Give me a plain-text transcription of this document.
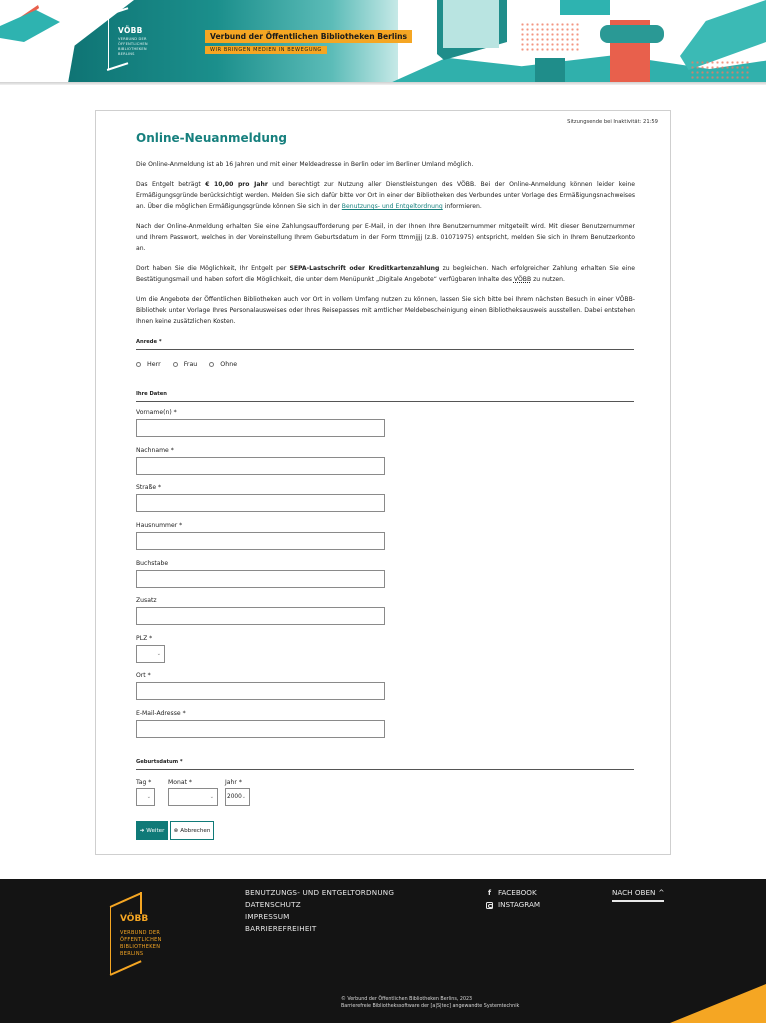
VÖBB
VERBUND DER
ÖFFENTLICHEN
BIBLIOTHEKEN
BERLINS
Verbund der Öffentlichen Bibliotheken Berlins
WIR BRINGEN MEDIEN IN BEWEGUNG
Sitzungsende bei Inaktivität: 21:59
Online-Neuanmeldung

Die Online-Anmeldung ist ab 16 Jahren und mit einer Meldeadresse in Berlin oder im Berliner Umland möglich.

Das Entgelt beträgt € 10,00 pro Jahr und berechtigt zur Nutzung aller Dienstleistungen des VÖBB. Bei der Online-Anmeldung können leider keine Ermäßigungsgründe berücksichtigt werden. Melden Sie sich dafür bitte vor Ort in einer der Bibliotheken des Verbundes unter Vorlage des Ermäßigungsnachweises an. Über die möglichen Ermäßigungsgründe können Sie sich in der Benutzungs- und Entgeltordnung informieren.

Nach der Online-Anmeldung erhalten Sie eine Zahlungsaufforderung per E-Mail, in der Ihnen Ihre Benutzernummer mitgeteilt wird. Mit dieser Benutzernummer und Ihrem Passwort, welches in der Voreinstellung Ihrem Geburtsdatum in der Form ttmmjjjj (z.B. 01071975) entspricht, melden Sie sich in Ihrem Benutzerkonto an.

Dort haben Sie die Möglichkeit, Ihr Entgelt per SEPA-Lastschrift oder Kreditkartenzahlung zu begleichen. Nach erfolgreicher Zahlung erhalten Sie eine Bestätigungsmail und haben sofort die Möglichkeit, die unter dem Menüpunkt „Digitale Angebote“ verfügbaren Inhalte des VÖBB zu nutzen.

Um die Angebote der Öffentlichen Bibliotheken auch vor Ort in vollem Umfang nutzen zu können, lassen Sie sich bitte bei Ihrem nächsten Besuch in einer VÖBB-Bibliothek unter Vorlage Ihres Personalausweises oder Ihres Reisepasses mit amtlicher Meldebescheinigung einen Bibliotheksausweis ausstellen. Dabei entstehen Ihnen keine zusätzlichen Kosten.

Anrede *
Herr	Frau	Ohne
Ihre Daten
Vorname(n) *
Nachname *
Straße *
Hausnummer *
Buchstabe
Zusatz
PLZ *
⌄
Ort *
E-Mail-Adresse *
Geburtsdatum *
Tag *
⌄
Monat *
⌄
Jahr *
2000 ⌄
➜ Weiter ⊗ Abbrechen
VÖBB
VERBUND DER
ÖFFENTLICHEN
BIBLIOTHEKEN
BERLINS
BENUTZUNGS- UND ENTGELTORDNUNG
DATENSCHUTZ
IMPRESSUM
BARRIEREFREIHEIT
f FACEBOOK
INSTAGRAM
NACH OBEN ^
© Verbund der Öffentlichen Bibliotheken Berlins, 2023
Barrierefreie Bibliothekssoftware der [a|S|tec] angewandte Systemtechnik
